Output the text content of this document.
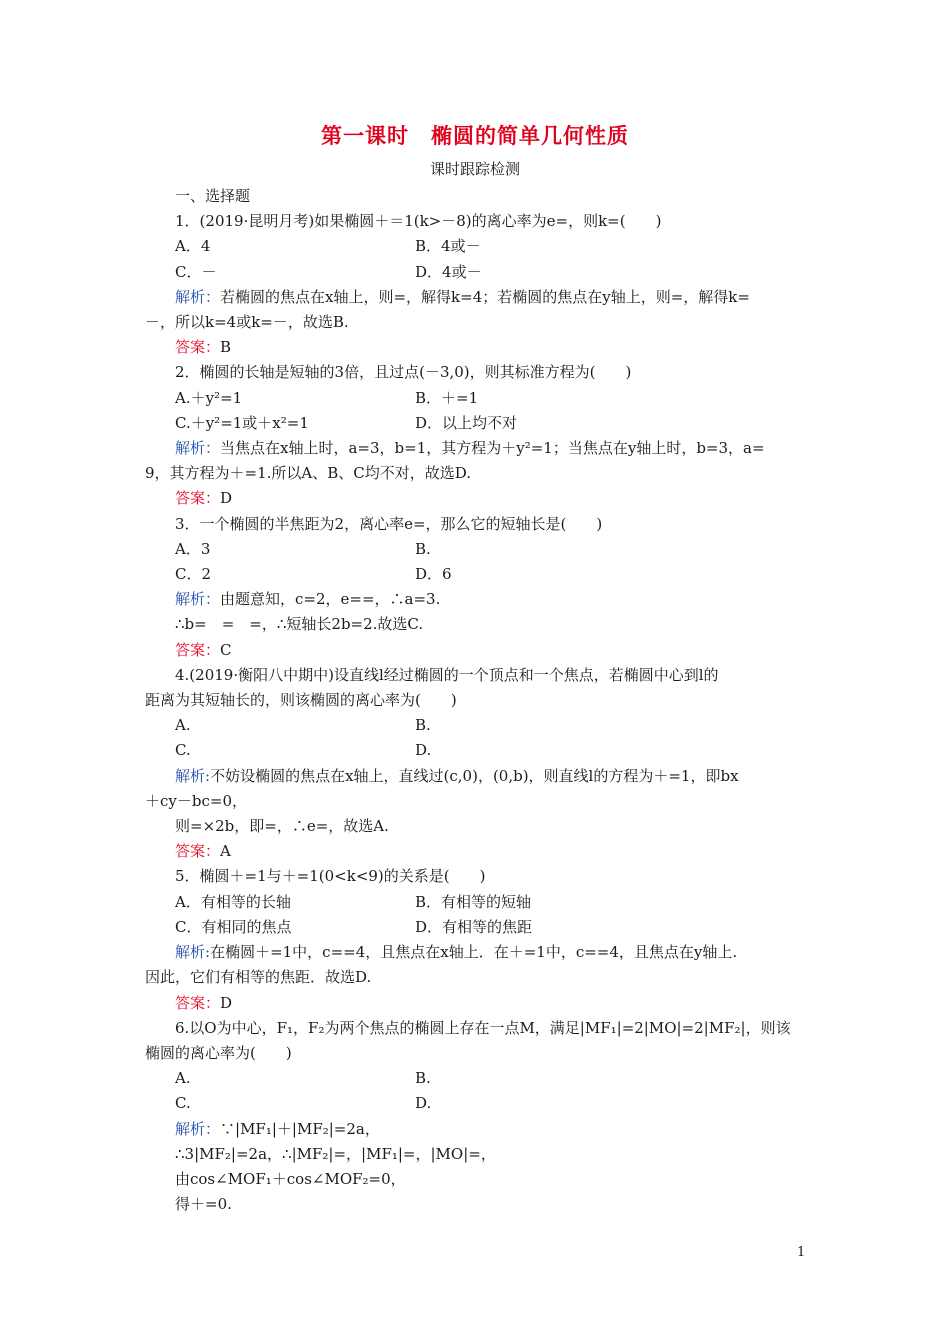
第一课时　椭圆的简单几何性质
课时跟踪检测
一、选择题
1．(2019·昆明月考)如果椭圆＋＝1(k>－8)的离心率为e=，则k=(　　)
A．4	B．4或－
C．－	D．4或－
解析：若椭圆的焦点在x轴上，则=，解得k=4；若椭圆的焦点在y轴上，则=，解得k=
－，所以k=4或k=－，故选B.
答案：B
2．椭圆的长轴是短轴的3倍，且过点(－3,0)，则其标准方程为(　　)
A.＋y²=1	B．＋=1
C.＋y²=1或＋x²=1	D．以上均不对
解析：当焦点在x轴上时，a=3，b=1，其方程为＋y²=1；当焦点在y轴上时，b=3，a=
9，其方程为＋=1.所以A、B、C均不对，故选D.
答案：D
3．一个椭圆的半焦距为2，离心率e=，那么它的短轴长是(　　)
A．3	B.
C．2	D．6
解析：由题意知，c=2，e==，∴a=3.
∴b=　=　=，∴短轴长2b=2.故选C.
答案：C
4.(2019·衡阳八中期中)设直线l经过椭圆的一个顶点和一个焦点，若椭圆中心到l的
距离为其短轴长的，则该椭圆的离心率为(　　)
A.	B.
C.	D.
解析:不妨设椭圆的焦点在x轴上，直线过(c,0)，(0,b)，则直线l的方程为＋=1，即bx
＋cy－bc=0，
则=×2b，即=，∴e=，故选A.
答案：A
5．椭圆＋=1与＋=1(0<k<9)的关系是(　　)
A．有相等的长轴	B．有相等的短轴
C．有相同的焦点	D．有相等的焦距
解析:在椭圆＋=1中，c==4，且焦点在x轴上．在＋=1中，c==4，且焦点在y轴上.
因此，它们有相等的焦距．故选D.
答案：D
6.以O为中心，F₁，F₂为两个焦点的椭圆上存在一点M，满足|MF₁|=2|MO|=2|MF₂|，则该
椭圆的离心率为(　　)
A.	B.
C.	D.
解析：∵|MF₁|＋|MF₂|=2a，
∴3|MF₂|=2a，∴|MF₂|=，|MF₁|=，|MO|=，
由cos∠MOF₁＋cos∠MOF₂=0，
得＋=0.
1
